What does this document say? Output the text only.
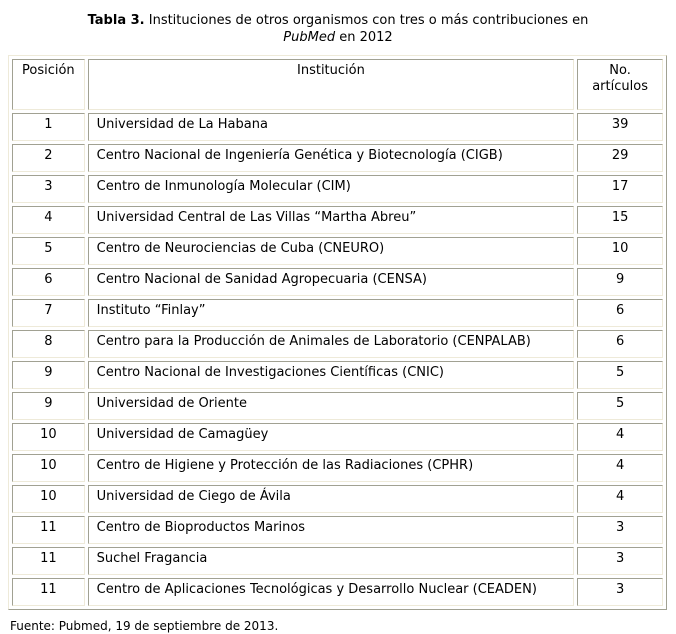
Tabla 3. Instituciones de otros organismos con tres o más contribuciones en
PubMed en 2012
Posición	Institución	No. artículos
1	Universidad de La Habana	39
2	Centro Nacional de Ingeniería Genética y Biotecnología (CIGB)	29
3	Centro de Inmunología Molecular (CIM)	17
4	Universidad Central de Las Villas “Martha Abreu”	15
5	Centro de Neurociencias de Cuba (CNEURO)	10
6	Centro Nacional de Sanidad Agropecuaria (CENSA)	9
7	Instituto “Finlay”	6
8	Centro para la Producción de Animales de Laboratorio (CENPALAB)	6
9	Centro Nacional de Investigaciones Científicas (CNIC)	5
9	Universidad de Oriente	5
10	Universidad de Camagüey	4
10	Centro de Higiene y Protección de las Radiaciones (CPHR)	4
10	Universidad de Ciego de Ávila	4
11	Centro de Bioproductos Marinos	3
11	Suchel Fragancia	3
11	Centro de Aplicaciones Tecnológicas y Desarrollo Nuclear (CEADEN)	3
Fuente: Pubmed, 19 de septiembre de 2013.
